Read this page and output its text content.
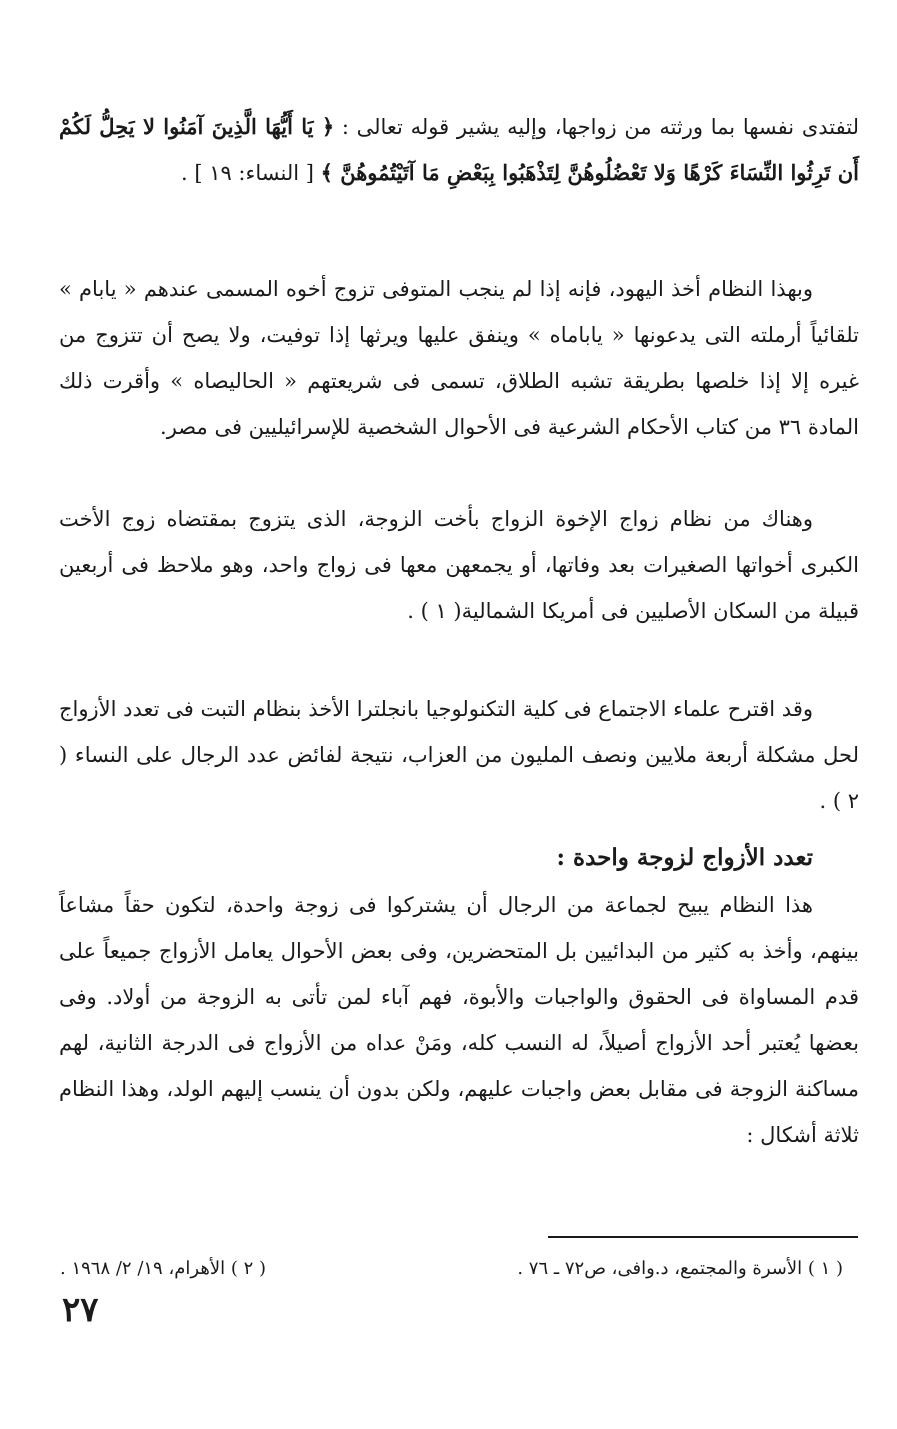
لتفتدى نفسها بما ورثته من زواجها، وإليه يشير قوله تعالى : ﴿ يَا أَيُّهَا الَّذِينَ آمَنُوا لا يَحِلُّ لَكُمْ أَن تَرِثُوا النِّسَاءَ كَرْهًا وَلا تَعْضُلُوهُنَّ لِتَذْهَبُوا بِبَعْضِ مَا آتَيْتُمُوهُنَّ ﴾ [ النساء: ١٩ ] .

وبهذا النظام أخذ اليهود، فإنه إذا لم ينجب المتوفى تزوج أخوه المسمى عندهم « يابام » تلقائياً أرملته التى يدعونها « ياباماه » وينفق عليها ويرثها إذا توفيت، ولا يصح أن تتزوج من غيره إلا إذا خلصها بطريقة تشبه الطلاق، تسمى فى شريعتهم « الحاليصاه » وأقرت ذلك المادة ٣٦ من كتاب الأحكام الشرعية فى الأحوال الشخصية للإسرائيليين فى مصر.

وهناك من نظام زواج الإخوة الزواج بأخت الزوجة، الذى يتزوج بمقتضاه زوج الأخت الكبرى أخواتها الصغيرات بعد وفاتها، أو يجمعهن معها فى زواج واحد، وهو ملاحظ فى أربعين قبيلة من السكان الأصليين فى أمريكا الشمالية( ١ ) .

وقد اقترح علماء الاجتماع فى كلية التكنولوجيا بانجلترا الأخذ بنظام التبت فى تعدد الأزواج لحل مشكلة أربعة ملايين ونصف المليون من العزاب، نتيجة لفائض عدد الرجال على النساء ( ٢ ) .

تعدد الأزواج لزوجة واحدة :

هذا النظام يبيح لجماعة من الرجال أن يشتركوا فى زوجة واحدة، لتكون حقاً مشاعاً بينهم، وأخذ به كثير من البدائيين بل المتحضرين، وفى بعض الأحوال يعامل الأزواج جميعاً على قدم المساواة فى الحقوق والواجبات والأبوة، فهم آباء لمن تأتى به الزوجة من أولاد. وفى بعضها يُعتبر أحد الأزواج أصيلاً، له النسب كله، ومَنْ عداه من الأزواج فى الدرجة الثانية، لهم مساكنة الزوجة فى مقابل بعض واجبات عليهم، ولكن بدون أن ينسب إليهم الولد، وهذا النظام ثلاثة أشكال :

( ١ ) الأسرة والمجتمع، د.وافى، ص٧٢ ـ ٧٦ .
( ٢ ) الأهرام، ١٩/ ٢/ ١٩٦٨ .
٢٧
